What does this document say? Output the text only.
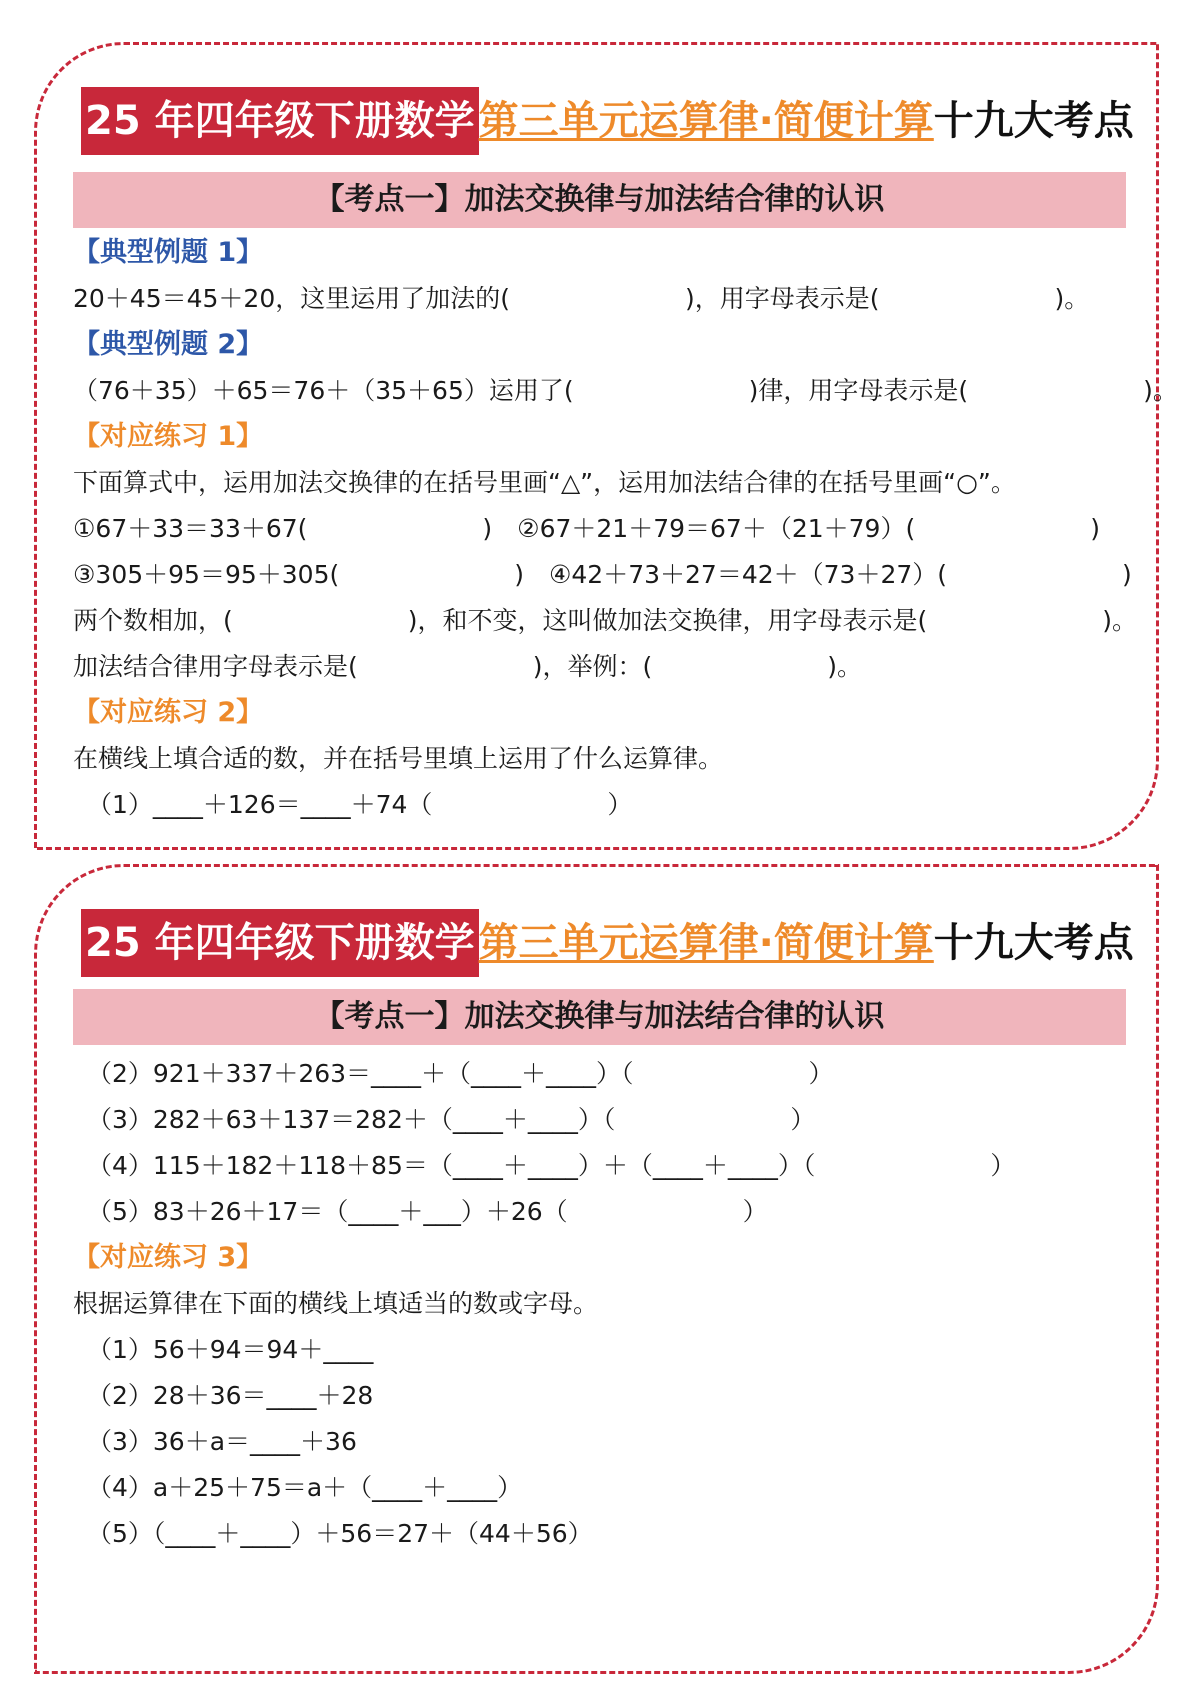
25 年四年级下册数学 第三单元运算律·简便计算十九大考点
【考点一】加法交换律与加法结合律的认识
【典型例题 1】
20＋45＝45＋20，这里运用了加法的(　　　　　　　)，用字母表示是(　　　　　　　)。
【典型例题 2】
（76＋35）＋65＝76＋（35＋65）运用了(　　　　　　　)律，用字母表示是(　　　　　　　)。
【对应练习 1】
下面算式中，运用加法交换律的在括号里画“△”，运用加法结合律的在括号里画“○”。
①67＋33＝33＋67(　　　　　　　)　②67＋21＋79＝67＋（21＋79）(　　　　　　　)
③305＋95＝95＋305(　　　　　　　)　④42＋73＋27＝42＋（73＋27）(　　　　　　　)
两个数相加，(　　　　　　　)，和不变，这叫做加法交换律，用字母表示是(　　　　　　　)。
加法结合律用字母表示是(　　　　　　　)，举例：(　　　　　　　)。
【对应练习 2】
在横线上填合适的数，并在括号里填上运用了什么运算律。
（1）____＋126＝____＋74（　　　　　　　）
25 年四年级下册数学 第三单元运算律·简便计算十九大考点
【考点一】加法交换律与加法结合律的认识
（2）921＋337＋263＝____＋（____＋____）（　　　　　　　）
（3）282＋63＋137＝282＋（____＋____）（　　　　　　　）
（4）115＋182＋118＋85＝（____＋____）＋（____＋____）（　　　　　　　）
（5）83＋26＋17＝（____＋___）＋26（　　　　　　　）
【对应练习 3】
根据运算律在下面的横线上填适当的数或字母。
（1）56＋94＝94＋____
（2）28＋36＝____＋28
（3）36＋a＝____＋36
（4）a＋25＋75＝a＋（____＋____）
（5）（____＋____）＋56＝27＋（44＋56）
